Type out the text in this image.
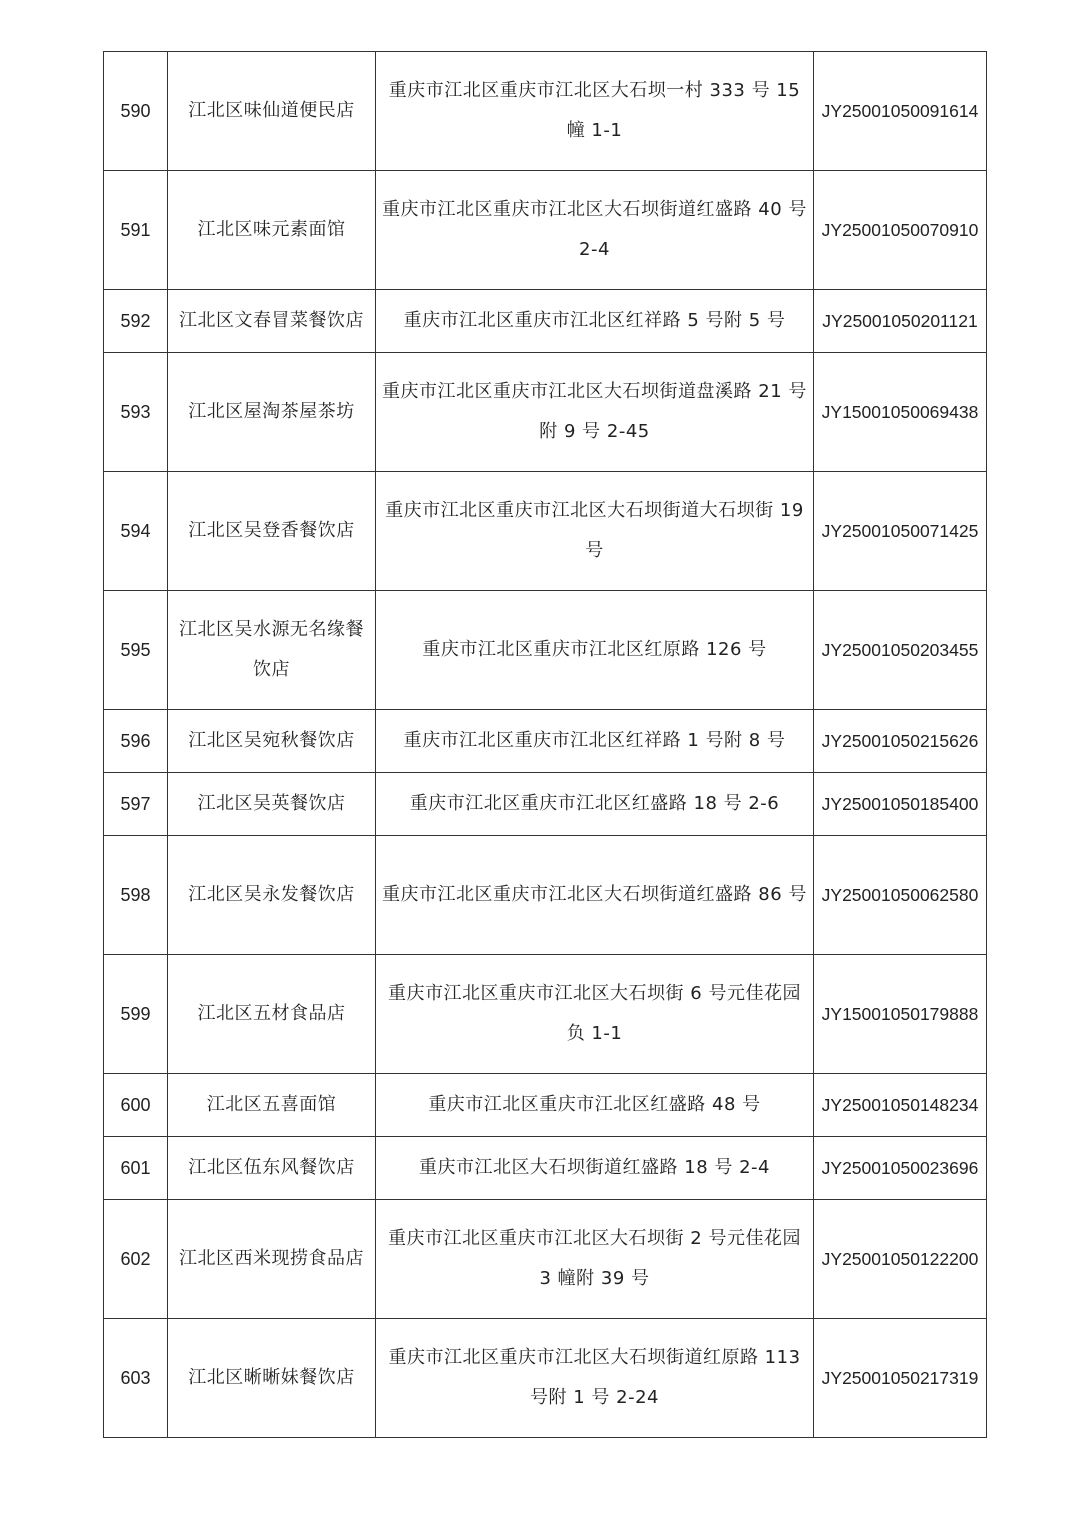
590	江北区味仙道便民店	重庆市江北区重庆市江北区大石坝一村 333 号 15 幢 1-1	JY25001050091614
591	江北区味元素面馆	重庆市江北区重庆市江北区大石坝街道红盛路 40 号 2-4	JY25001050070910
592	江北区文春冒菜餐饮店	重庆市江北区重庆市江北区红祥路 5 号附 5 号	JY25001050201121
593	江北区屋淘茶屋茶坊	重庆市江北区重庆市江北区大石坝街道盘溪路 21 号附 9 号 2-45	JY15001050069438
594	江北区吴登香餐饮店	重庆市江北区重庆市江北区大石坝街道大石坝街 19 号	JY25001050071425
595	江北区吴水源无名缘餐饮店	重庆市江北区重庆市江北区红原路 126 号	JY25001050203455
596	江北区吴宛秋餐饮店	重庆市江北区重庆市江北区红祥路 1 号附 8 号	JY25001050215626
597	江北区吴英餐饮店	重庆市江北区重庆市江北区红盛路 18 号 2-6	JY25001050185400
598	江北区吴永发餐饮店	重庆市江北区重庆市江北区大石坝街道红盛路 86 号	JY25001050062580
599	江北区五材食品店	重庆市江北区重庆市江北区大石坝街 6 号元佳花园负 1-1	JY15001050179888
600	江北区五喜面馆	重庆市江北区重庆市江北区红盛路 48 号	JY25001050148234
601	江北区伍东风餐饮店	重庆市江北区大石坝街道红盛路 18 号 2-4	JY25001050023696
602	江北区西米现捞食品店	重庆市江北区重庆市江北区大石坝街 2 号元佳花园 3 幢附 39 号	JY25001050122200
603	江北区晰晰妹餐饮店	重庆市江北区重庆市江北区大石坝街道红原路 113 号附 1 号 2-24	JY25001050217319
